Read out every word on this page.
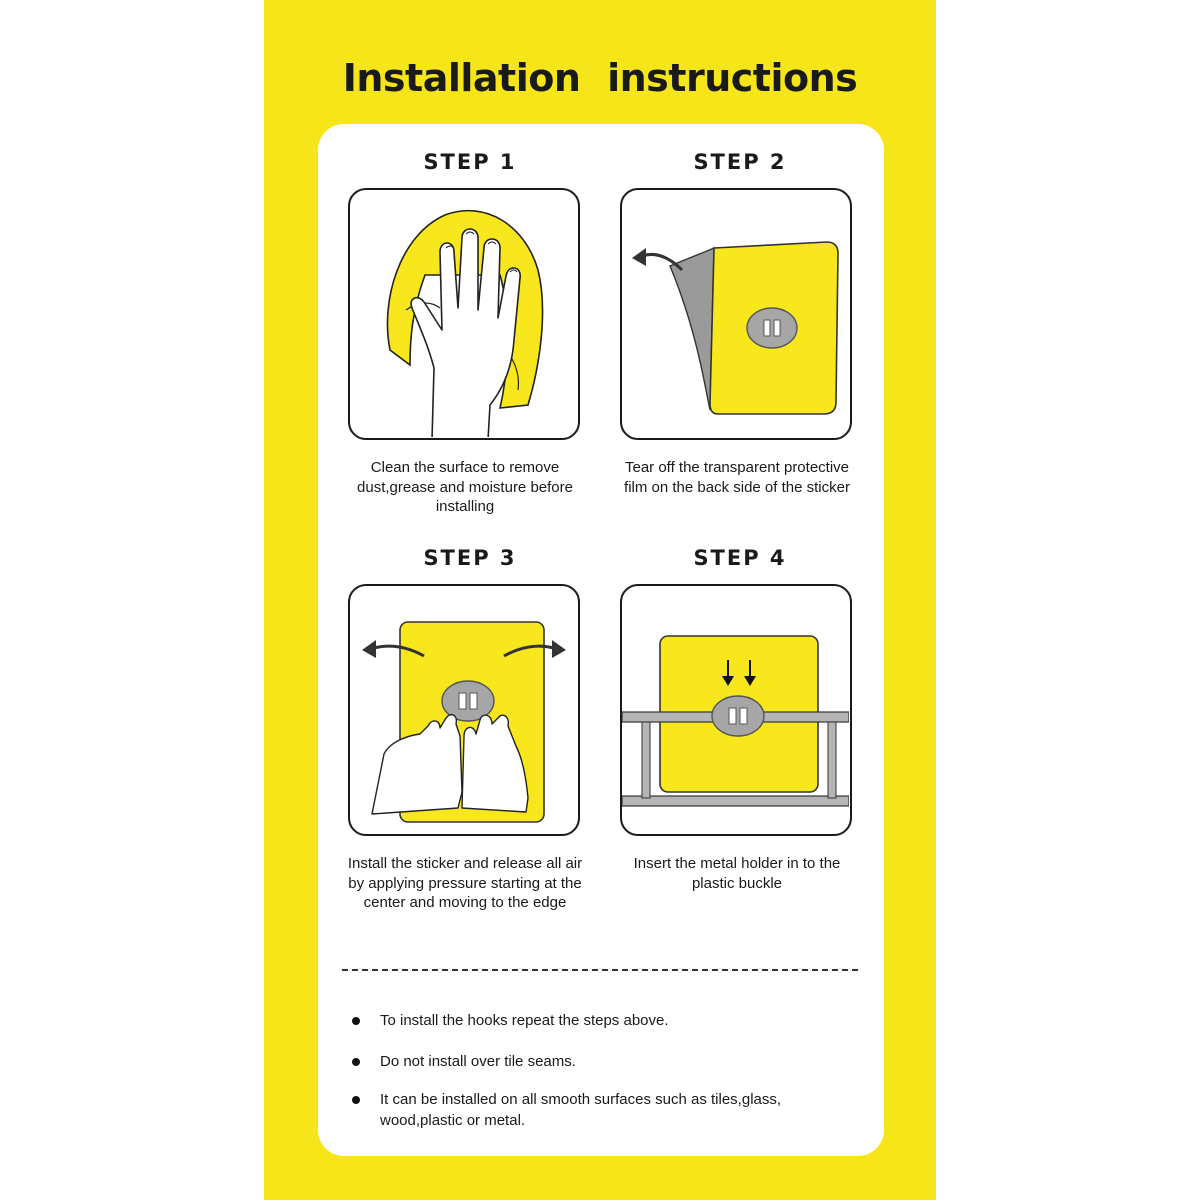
Installation instructions
STEP 1
Clean the surface to remove dust,grease and moisture before installing
STEP 2
Tear off the transparent protective film on the back side of the sticker
STEP 3
Install the sticker and release all air by applying pressure starting at the center and moving to the edge
STEP 4
Insert the metal holder in to the plastic buckle
To install the hooks repeat the steps above.
Do not install over tile seams.
It can be installed on all smooth surfaces such as tiles,glass, wood,plastic or metal.
